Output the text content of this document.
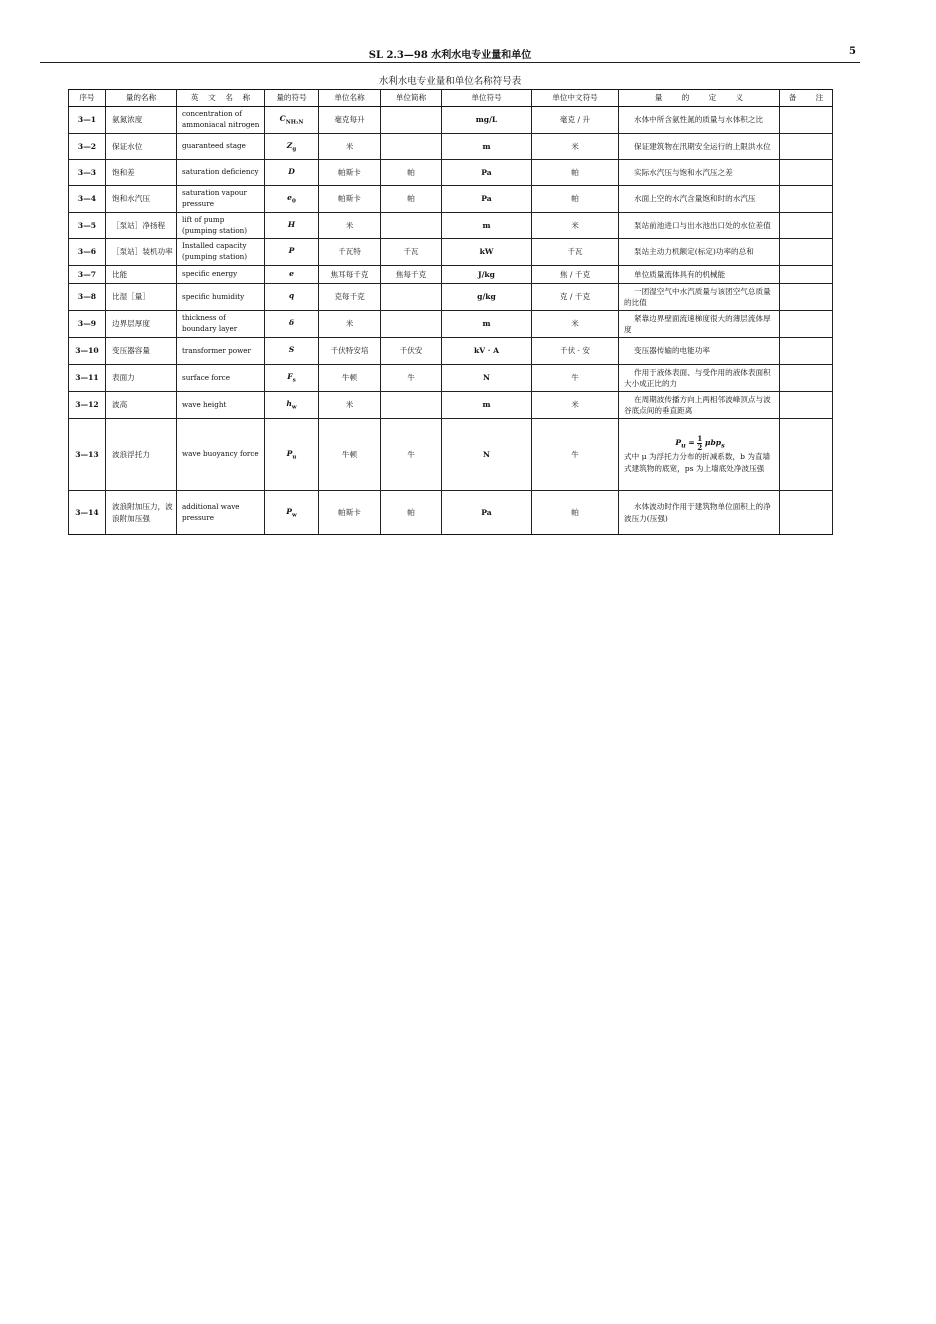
SL 2.3—98 水利水电专业量和单位	5
水利水电专业量和单位名称符号表
序号	量的名称	英    文    名    称	量的符号	单位名称	单位简称	单位符号	单位中文符号	量        的        定        义	备        注
3—1	氨氮浓度	concentration of ammoniacal nitrogen	$C_{NH_3N}$	毫克每升		mg/L	毫克 / 升	水体中所含氨性氮的质量与水体积之比	
3—2	保证水位	guaranteed stage	$Z_g$	米		m	米	保证建筑物在汛期安全运行的上限洪水位	
3—3	饱和差	saturation deficiency	D	帕斯卡	帕	Pa	帕	实际水汽压与饱和水汽压之差	
3—4	饱和水汽压	saturation vapour pressure	$e_0$	帕斯卡	帕	Pa	帕	水面上空的水汽含量饱和时的水汽压	
3—5	［泵站］净扬程	lift of pump (pumping station)	H	米		m	米	泵站前池进口与出水池出口处的水位差值	
3—6	［泵站］装机功率	Installed capacity (pumping station)	P	千瓦特	千瓦	kW	千瓦	泵站主动力机额定(标定)功率的总和	
3—7	比能	specific energy	e	焦耳每千克	焦每千克	J/kg	焦 / 千克	单位质量流体具有的机械能	
3—8	比湿［量］	specific humidity	q	克每千克		g/kg	克 / 千克	一团湿空气中水汽质量与该团空气总质量的比值	
3—9	边界层厚度	thickness of boundary layer	δ	米		m	米	紧靠边界壁面流速梯度很大的薄层流体厚度	
3—10	变压器容量	transformer power	S	千伏特安培	千伏安	kV · A	千伏 · 安	变压器传输的电能功率	
3—11	表面力	surface force	$F_s$	牛顿	牛	N	牛	作用于液体表面、与受作用的液体表面积大小成正比的力	
3—12	波高	wave height	$h_w$	米		m	米	在周期波传播方向上两相邻波峰顶点与波谷底点间的垂直距离	
3—13	波浪浮托力	wave buoyancy force	$P_u$	牛顿	牛	N	牛	$P_u = \frac{1}{2} \mu bp_s$
式中 μ 为浮托力分布的折减系数，b 为直墙式建筑物的底宽，ps 为上墙底处净波压强	
3—14	波浪附加压力，波浪附加压强	additional wave pressure	$P_w$	帕斯卡	帕	Pa	帕	水体波动时作用于建筑物单位面积上的净波压力(压强)	
